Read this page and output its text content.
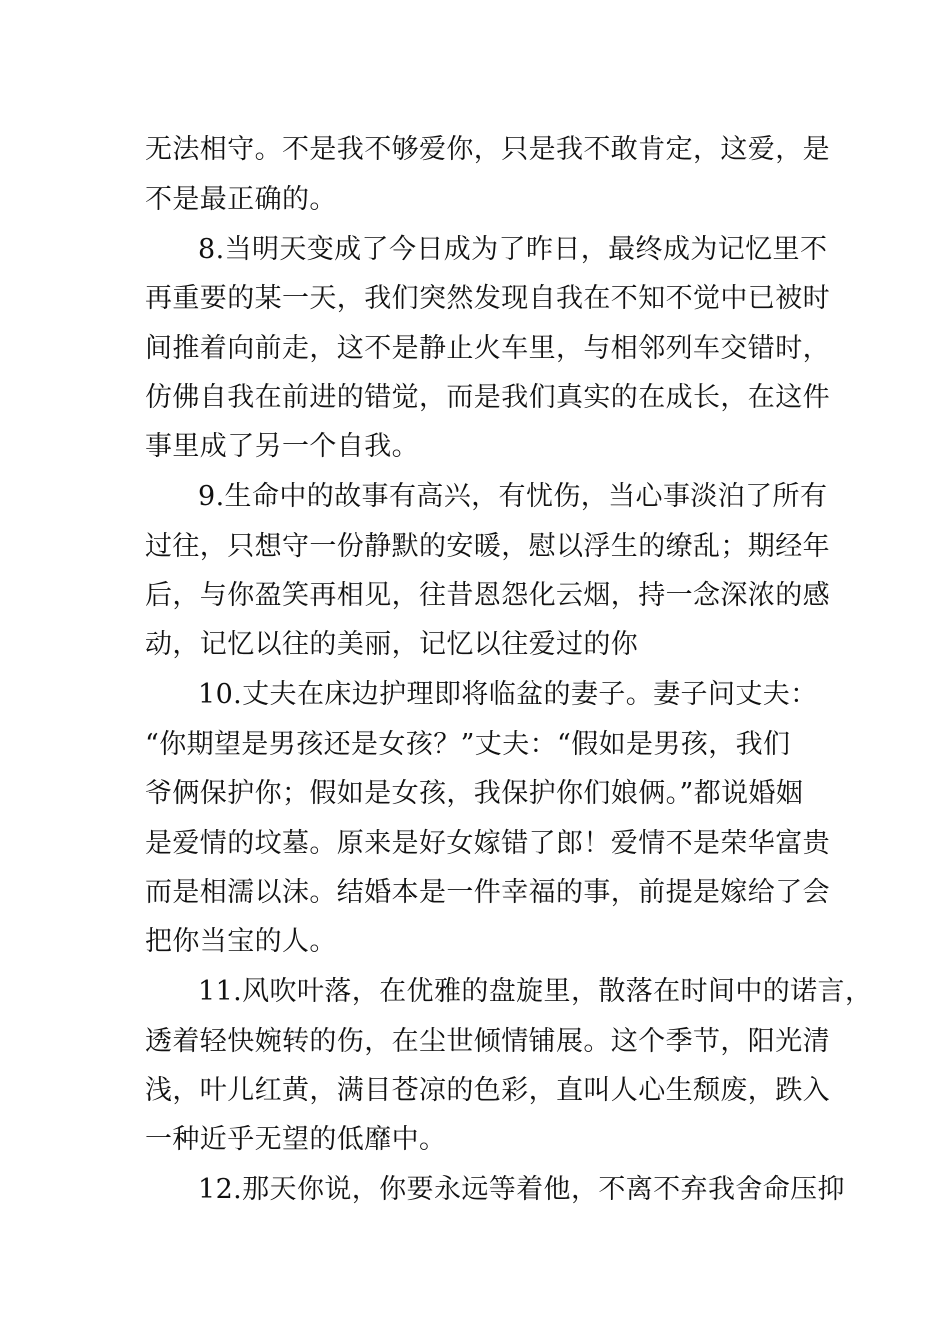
无法相守。不是我不够爱你，只是我不敢肯定，这爱，是
不是最正确的。
8.当明天变成了今日成为了昨日，最终成为记忆里不
再重要的某一天，我们突然发现自我在不知不觉中已被时
间推着向前走，这不是静止火车里，与相邻列车交错时，
仿佛自我在前进的错觉，而是我们真实的在成长，在这件
事里成了另一个自我。
9.生命中的故事有高兴，有忧伤，当心事淡泊了所有
过往，只想守一份静默的安暖，慰以浮生的缭乱；期经年
后，与你盈笑再相见，往昔恩怨化云烟，持一念深浓的感
动，记忆以往的美丽，记忆以往爱过的你
10.丈夫在床边护理即将临盆的妻子。妻子问丈夫：
“你期望是男孩还是女孩？”丈夫：“假如是男孩，我们
爷俩保护你；假如是女孩，我保护你们娘俩。”都说婚姻
是爱情的坟墓。原来是好女嫁错了郎！爱情不是荣华富贵
而是相濡以沫。结婚本是一件幸福的事，前提是嫁给了会
把你当宝的人。
11.风吹叶落，在优雅的盘旋里，散落在时间中的诺言，
透着轻快婉转的伤，在尘世倾情铺展。这个季节，阳光清
浅，叶儿红黄，满目苍凉的色彩，直叫人心生颓废，跌入
一种近乎无望的低靡中。
12.那天你说，你要永远等着他，不离不弃我舍命压抑
